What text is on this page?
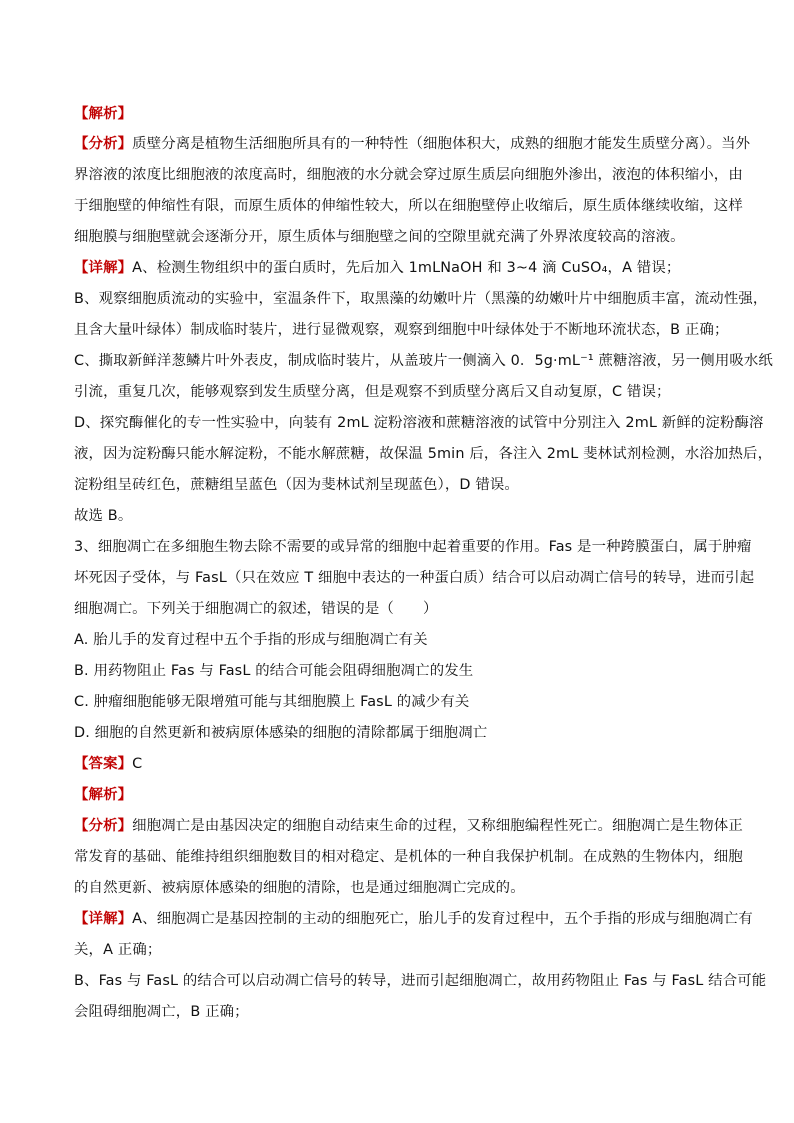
【解析】
【分析】质壁分离是植物生活细胞所具有的一种特性（细胞体积大，成熟的细胞才能发生质壁分离）。当外
界溶液的浓度比细胞液的浓度高时，细胞液的水分就会穿过原生质层向细胞外渗出，液泡的体积缩小，由
于细胞壁的伸缩性有限，而原生质体的伸缩性较大，所以在细胞壁停止收缩后，原生质体继续收缩，这样
细胞膜与细胞壁就会逐渐分开，原生质体与细胞壁之间的空隙里就充满了外界浓度较高的溶液。
【详解】A、检测生物组织中的蛋白质时，先后加入 1mLNaOH 和 3~4 滴 CuSO₄，A 错误；
B、观察细胞质流动的实验中，室温条件下，取黑藻的幼嫩叶片（黑藻的幼嫩叶片中细胞质丰富，流动性强，
且含大量叶绿体）制成临时装片，进行显微观察，观察到细胞中叶绿体处于不断地环流状态，B 正确；
C、撕取新鲜洋葱鳞片叶外表皮，制成临时装片，从盖玻片一侧滴入 0．5g·mL⁻¹ 蔗糖溶液，另一侧用吸水纸
引流，重复几次，能够观察到发生质壁分离，但是观察不到质壁分离后又自动复原，C 错误；
D、探究酶催化的专一性实验中，向装有 2mL 淀粉溶液和蔗糖溶液的试管中分别注入 2mL 新鲜的淀粉酶溶
液，因为淀粉酶只能水解淀粉，不能水解蔗糖，故保温 5min 后，各注入 2mL 斐林试剂检测，水浴加热后，
淀粉组呈砖红色，蔗糖组呈蓝色（因为斐林试剂呈现蓝色），D 错误。
故选 B。
3、细胞凋亡在多细胞生物去除不需要的或异常的细胞中起着重要的作用。Fas 是一种跨膜蛋白，属于肿瘤
坏死因子受体，与 FasL（只在效应 T 细胞中表达的一种蛋白质）结合可以启动凋亡信号的转导，进而引起
细胞凋亡。下列关于细胞凋亡的叙述，错误的是（　　）
A. 胎儿手的发育过程中五个手指的形成与细胞凋亡有关
B. 用药物阻止 Fas 与 FasL 的结合可能会阻碍细胞凋亡的发生
C. 肿瘤细胞能够无限增殖可能与其细胞膜上 FasL 的减少有关
D. 细胞的自然更新和被病原体感染的细胞的清除都属于细胞凋亡
【答案】C
【解析】
【分析】细胞凋亡是由基因决定的细胞自动结束生命的过程，又称细胞编程性死亡。细胞凋亡是生物体正
常发育的基础、能维持组织细胞数目的相对稳定、是机体的一种自我保护机制。在成熟的生物体内，细胞
的自然更新、被病原体感染的细胞的清除，也是通过细胞凋亡完成的。
【详解】A、细胞凋亡是基因控制的主动的细胞死亡，胎儿手的发育过程中，五个手指的形成与细胞凋亡有
关，A 正确；
B、Fas 与 FasL 的结合可以启动凋亡信号的转导，进而引起细胞凋亡，故用药物阻止 Fas 与 FasL 结合可能
会阻碍细胞凋亡，B 正确；
